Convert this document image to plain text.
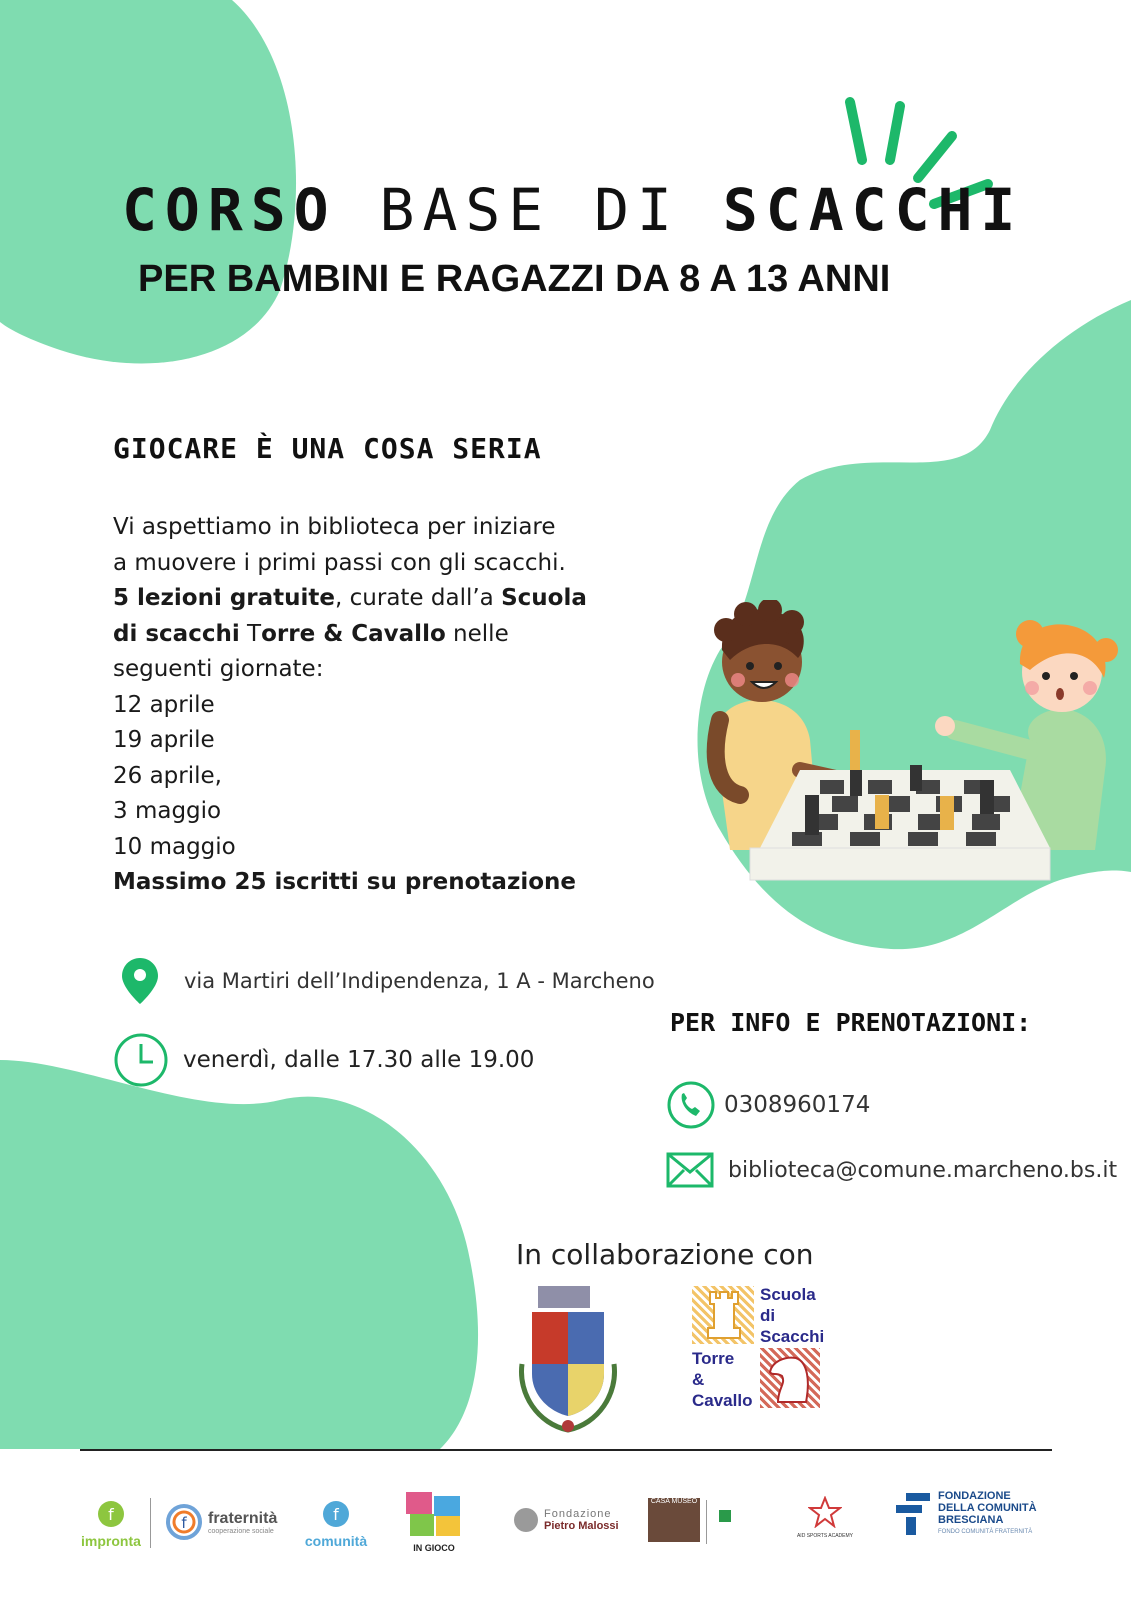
CORSO BASE DI SCACCHI
PER BAMBINI E RAGAZZI DA 8 A 13 ANNI
GIOCARE È UNA COSA SERIA
Vi aspettiamo in biblioteca per iniziare
a muovere i primi passi con gli scacchi.
5 lezioni gratuite, curate dall’a Scuola
di scacchi Torre & Cavallo nelle
seguenti giornate:
12 aprile
19 aprile
26 aprile,
3 maggio
10 maggio
Massimo 25 iscritti su prenotazione
via Martiri dell’Indipendenza, 1 A - Marcheno
venerdì, dalle 17.30 alle 19.00
PER INFO E PRENOTAZIONI:
0308960174
biblioteca@comune.marcheno.bs.it
In collaborazione con
Scuola
di
Scacchi
Torre
&
Cavallo
f
impronta
f fraternità
cooperazione sociale
f
comunità	IN GIOCO
Fondazione
Pietro Malossi
CASA MUSEO
AID SPORTS ACADEMY
FONDAZIONE
DELLA COMUNITÀ
BRESCIANA
FONDO COMUNITÀ FRATERNITÀ
